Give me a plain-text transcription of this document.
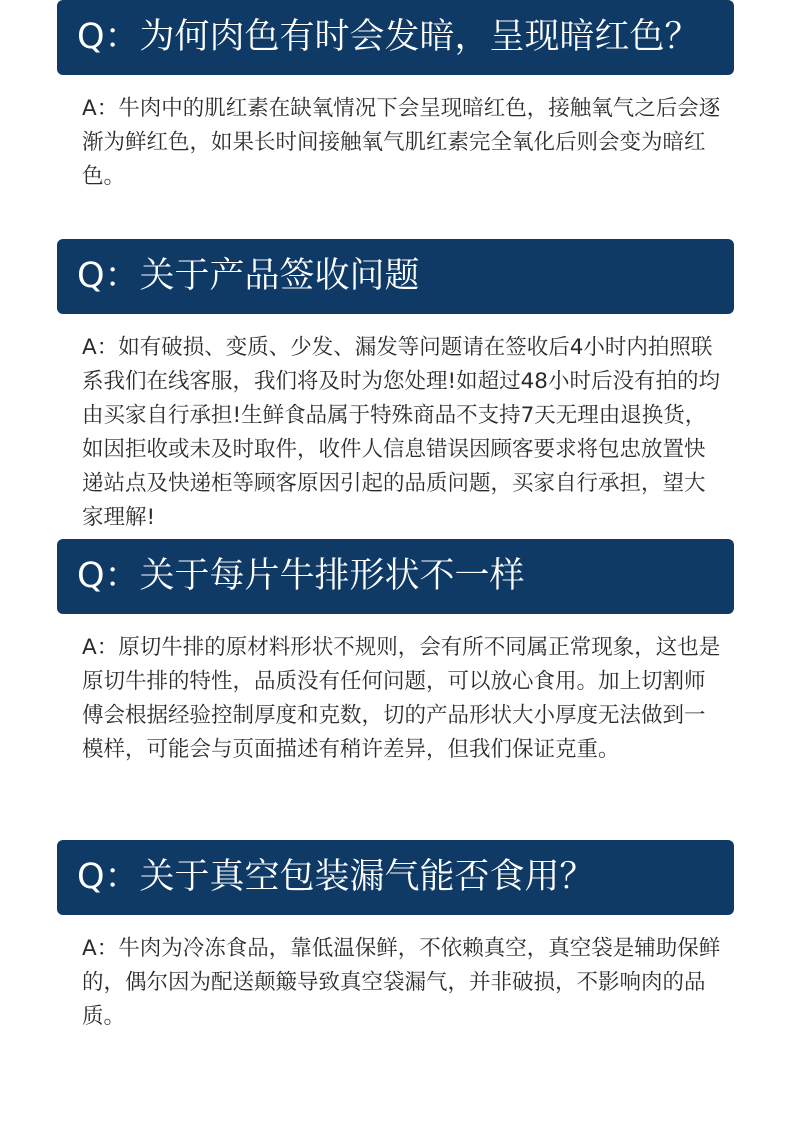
Q：为何肉色有时会发暗，呈现暗红色？

A：牛肉中的肌红素在缺氧情况下会呈现暗红色，接触氧气之后会逐渐为鲜红色，如果长时间接触氧气肌红素完全氧化后则会变为暗红色。

Q：关于产品签收问题

A：如有破损、变质、少发、漏发等问题请在签收后4小时内拍照联系我们在线客服，我们将及时为您处理!如超过48小时后没有拍的均由买家自行承担!生鲜食品属于特殊商品不支持7天无理由退换货，如因拒收或未及时取件，收件人信息错误因顾客要求将包忠放置快递站点及快递柜等顾客原因引起的品质问题，买家自行承担，望大家理解!

Q：关于每片牛排形状不一样

A：原切牛排的原材料形状不规则，会有所不同属正常现象，这也是原切牛排的特性，品质没有任何问题，可以放心食用。加上切割师傅会根据经验控制厚度和克数，切的产品形状大小厚度无法做到一模样，可能会与页面描述有稍许差异，但我们保证克重。

Q：关于真空包装漏气能否食用？

A：牛肉为冷冻食品，靠低温保鲜，不依赖真空，真空袋是辅助保鲜的，偶尔因为配送颠簸导致真空袋漏气，并非破损，不影响肉的品质。
